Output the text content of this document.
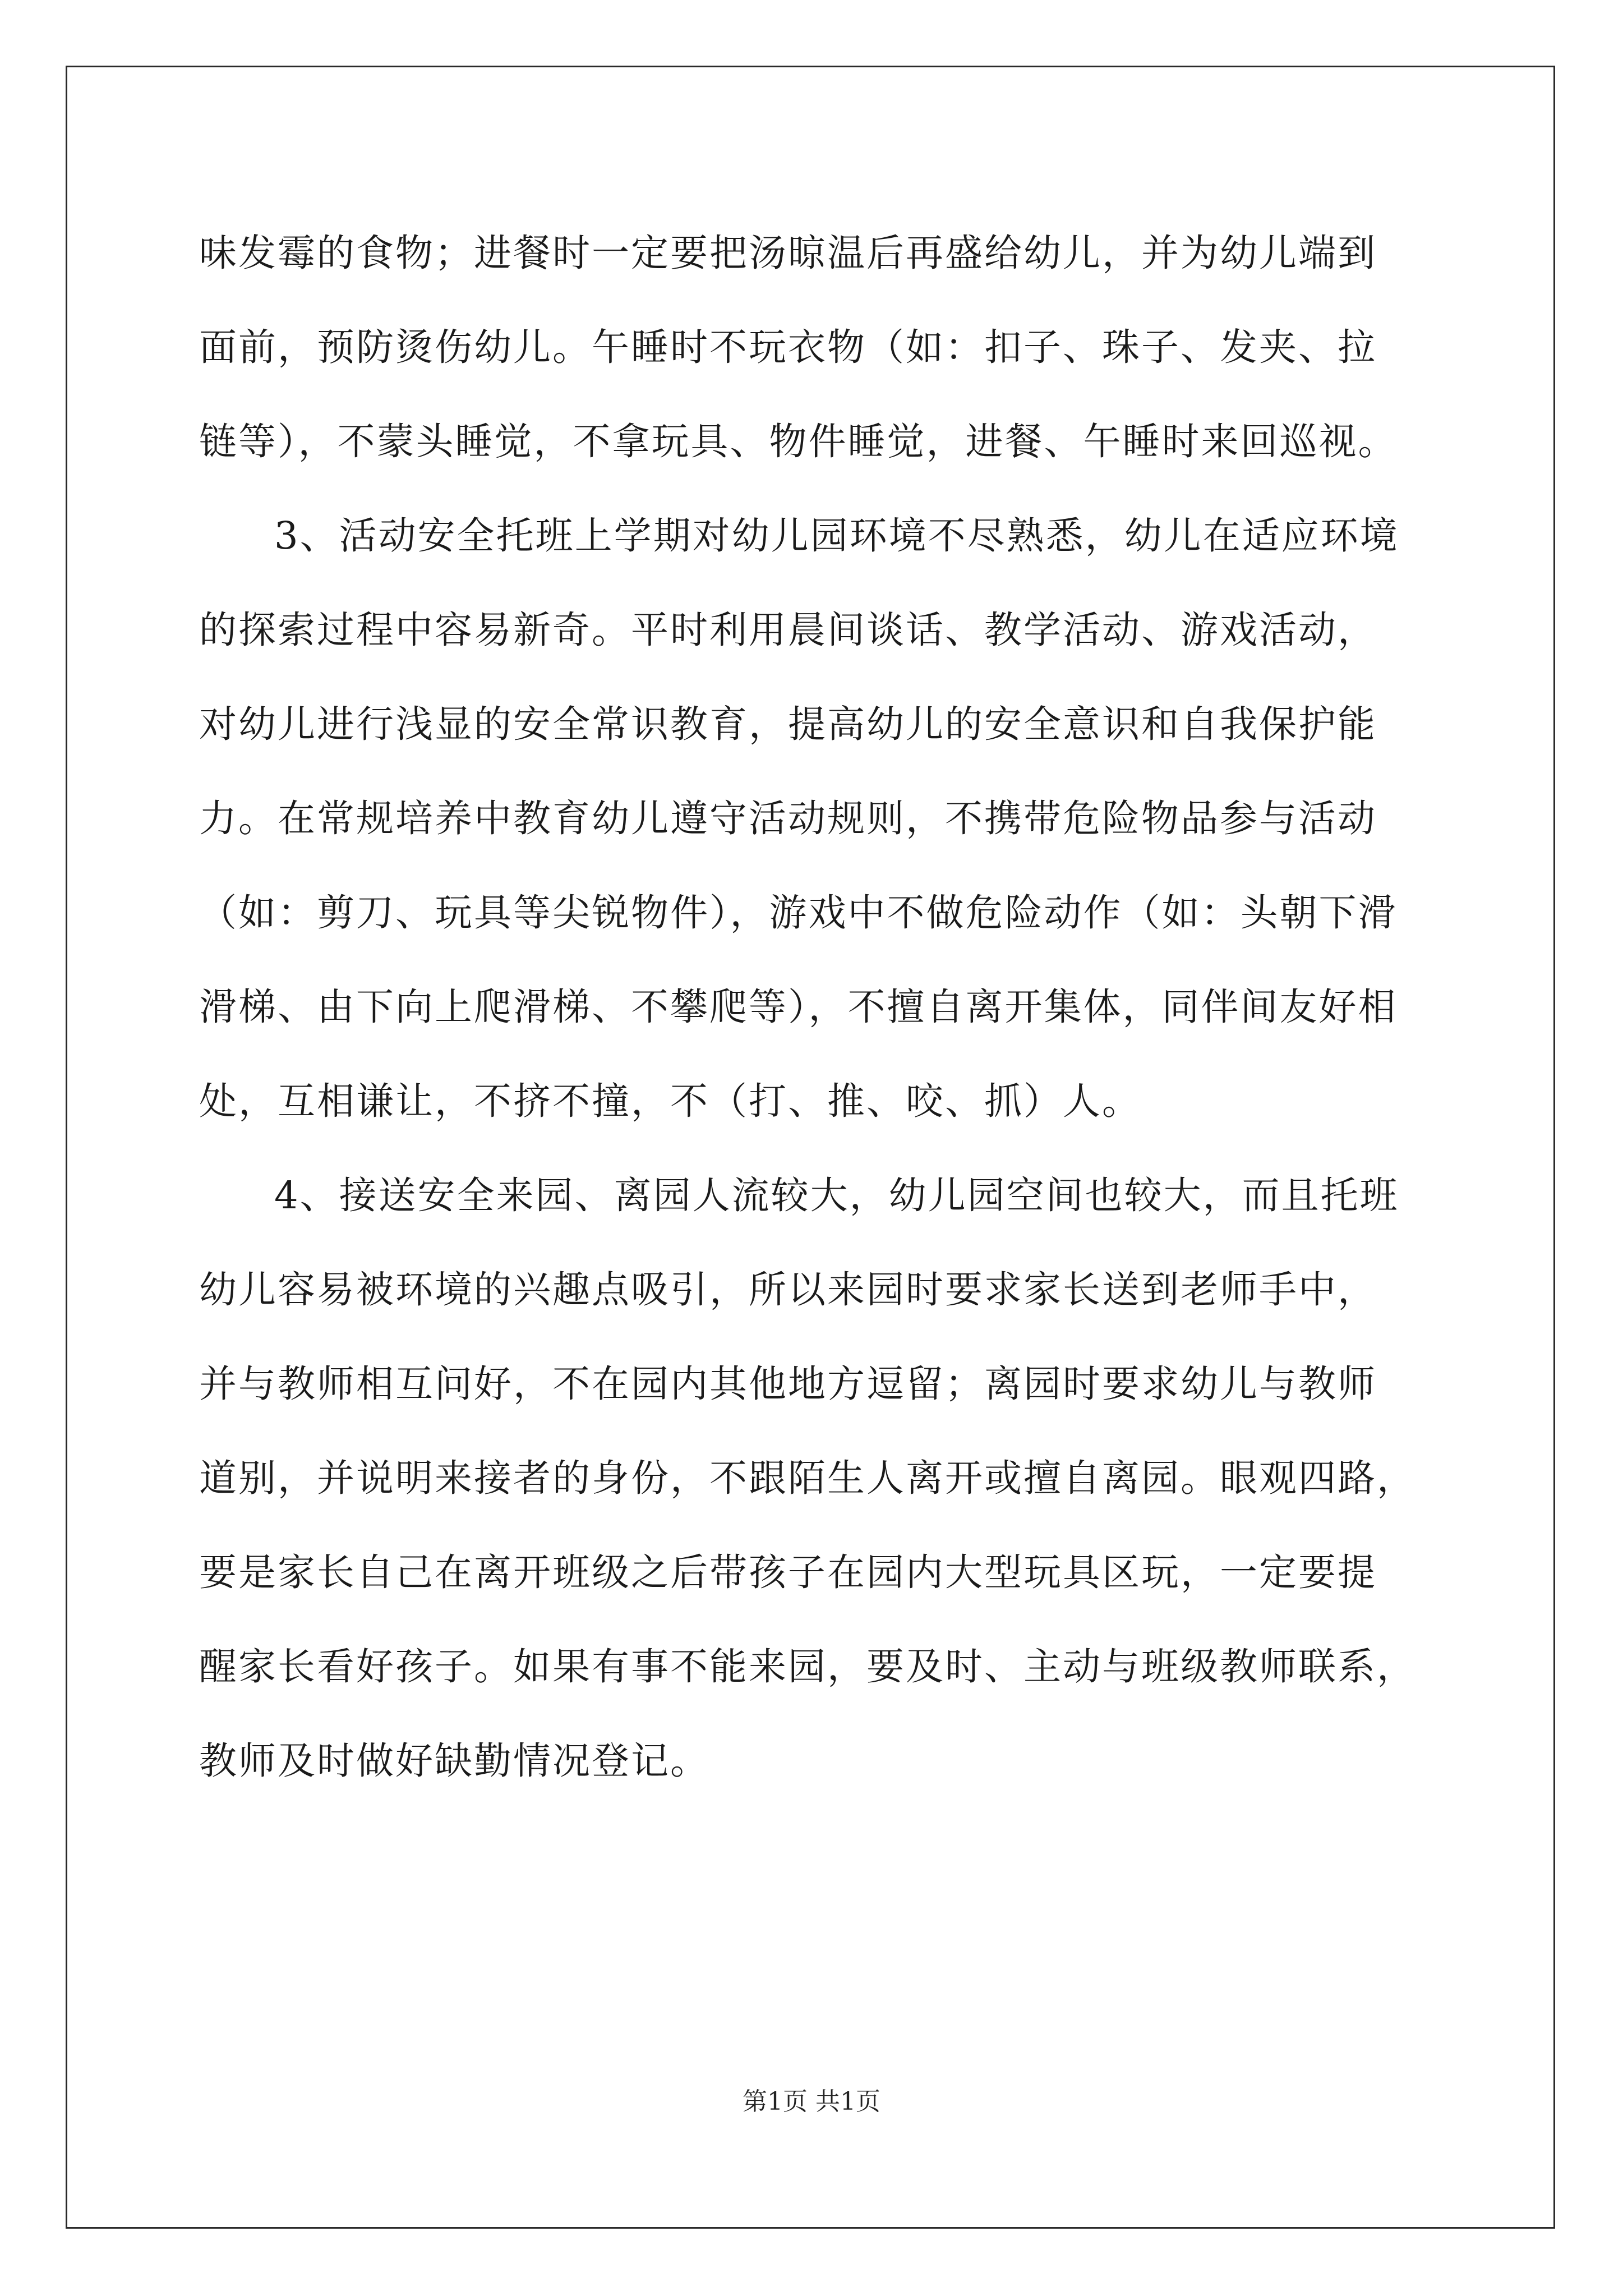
味发霉的食物；进餐时一定要把汤晾温后再盛给幼儿，并为幼儿端到
面前，预防烫伤幼儿。午睡时不玩衣物（如：扣子、珠子、发夹、拉
链等），不蒙头睡觉，不拿玩具、物件睡觉，进餐、午睡时来回巡视。
3、活动安全托班上学期对幼儿园环境不尽熟悉，幼儿在适应环境
的探索过程中容易新奇。平时利用晨间谈话、教学活动、游戏活动，
对幼儿进行浅显的安全常识教育，提高幼儿的安全意识和自我保护能
力。在常规培养中教育幼儿遵守活动规则，不携带危险物品参与活动
（如：剪刀、玩具等尖锐物件），游戏中不做危险动作（如：头朝下滑
滑梯、由下向上爬滑梯、不攀爬等），不擅自离开集体，同伴间友好相
处，互相谦让，不挤不撞，不（打、推、咬、抓）人。
4、接送安全来园、离园人流较大，幼儿园空间也较大，而且托班
幼儿容易被环境的兴趣点吸引，所以来园时要求家长送到老师手中，
并与教师相互问好，不在园内其他地方逗留；离园时要求幼儿与教师
道别，并说明来接者的身份，不跟陌生人离开或擅自离园。眼观四路，
要是家长自己在离开班级之后带孩子在园内大型玩具区玩，一定要提
醒家长看好孩子。如果有事不能来园，要及时、主动与班级教师联系，
教师及时做好缺勤情况登记。
第1页 共1页
